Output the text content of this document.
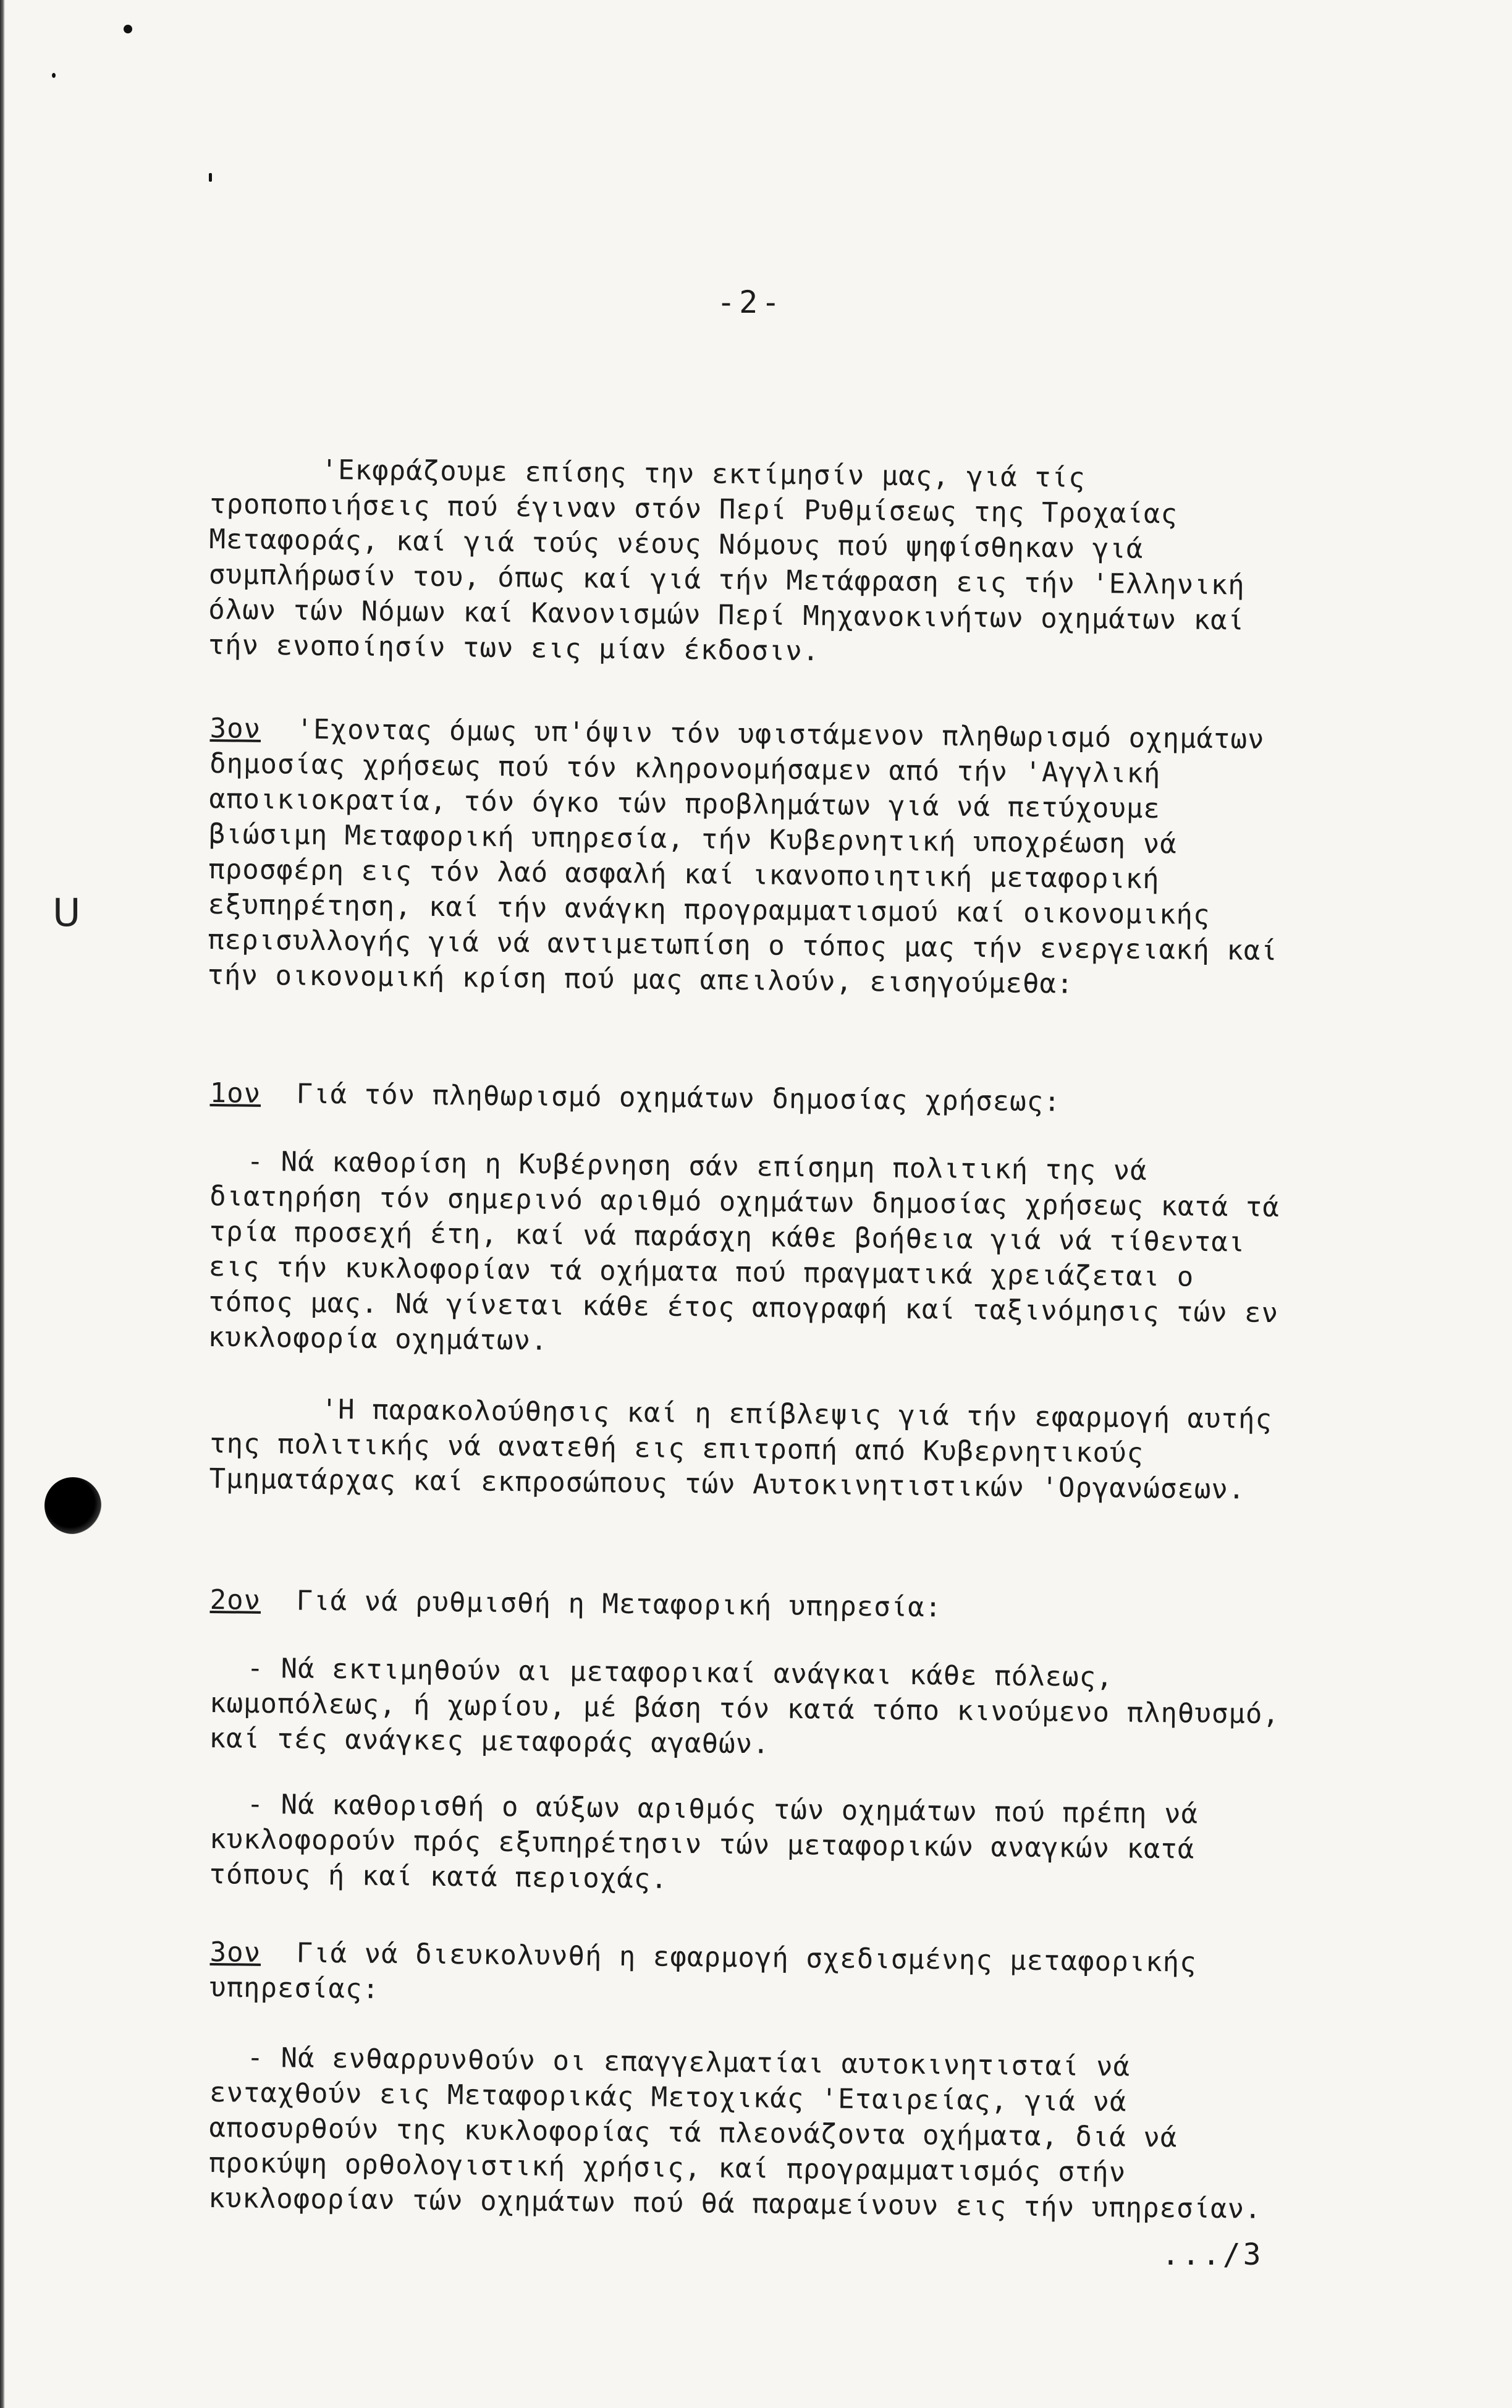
ᑌ
-2-
'Εκφράζουμε επίσης την εκτίμησίν μας, γιά τίς τροποποιήσεις πού έγιναν στόν Περί Ρυθμίσεως της Τροχαίας Μεταφοράς, καί γιά τούς νέους Νόμους πού ψηφίσθηκαν γιά συμπλήρωσίν του, όπως καί γιά τήν Μετάφραση εις τήν 'Ελληνική όλων τών Νόμων καί Κανονισμών Περί Μηχανοκινήτων οχημάτων καί τήν ενοποίησίν των εις μίαν έκδοσιν.
3ον 'Εχοντας όμως υπ'όψιν τόν υφιστάμενον πληθωρισμό οχημάτων δημοσίας χρήσεως πού τόν κληρονομήσαμεν από τήν 'Αγγλική αποικιοκρατία, τόν όγκο τών προβλημάτων γιά νά πετύχουμε βιώσιμη Μεταφορική υπηρεσία, τήν Κυβερνητική υποχρέωση νά προσφέρη εις τόν λαό ασφαλή καί ικανοποιητική μεταφορική εξυπηρέτηση, καί τήν ανάγκη προγραμματισμού καί οικονομικής περισυλλογής γιά νά αντιμετωπίση ο τόπος μας τήν ενεργειακή καί τήν οικονομική κρίση πού μας απειλούν, εισηγούμεθα:
1ον Γιά τόν πληθωρισμό οχημάτων δημοσίας χρήσεως:
- Νά καθορίση η Κυβέρνηση σάν επίσημη πολιτική της νά διατηρήση τόν σημερινό αριθμό οχημάτων δημοσίας χρήσεως κατά τά τρία προσεχή έτη, καί νά παράσχη κάθε βοήθεια γιά νά τίθενται εις τήν κυκλοφορίαν τά οχήματα πού πραγματικά χρειάζεται ο τόπος μας. Νά γίνεται κάθε έτος απογραφή καί ταξινόμησις τών εν κυκλοφορία οχημάτων.
'Η παρακολούθησις καί η επίβλεψις γιά τήν εφαρμογή αυτής της πολιτικής νά ανατεθή εις επιτροπή από Κυβερνητικούς Τμηματάρχας καί εκπροσώπους τών Αυτοκινητιστικών 'Οργανώσεων.
2ον Γιά νά ρυθμισθή η Μεταφορική υπηρεσία:
- Νά εκτιμηθούν αι μεταφορικαί ανάγκαι κάθε πόλεως, κωμοπόλεως, ή χωρίου, μέ βάση τόν κατά τόπο κινούμενο πληθυσμό, καί τές ανάγκες μεταφοράς αγαθών.
- Νά καθορισθή ο αύξων αριθμός τών οχημάτων πού πρέπη νά κυκλοφορούν πρός εξυπηρέτησιν τών μεταφορικών αναγκών κατά τόπους ή καί κατά περιοχάς.
3ον Γιά νά διευκολυνθή η εφαρμογή σχεδισμένης μεταφορικής υπηρεσίας:
- Νά ενθαρρυνθούν οι επαγγελματίαι αυτοκινητισταί νά ενταχθούν εις Μεταφορικάς Μετοχικάς 'Εταιρείας, γιά νά αποσυρθούν της κυκλοφορίας τά πλεονάζοντα οχήματα, διά νά προκύψη ορθολογιστική χρήσις, καί προγραμματισμός στήν κυκλοφορίαν τών οχημάτων πού θά παραμείνουν εις τήν υπηρεσίαν.
.../3
